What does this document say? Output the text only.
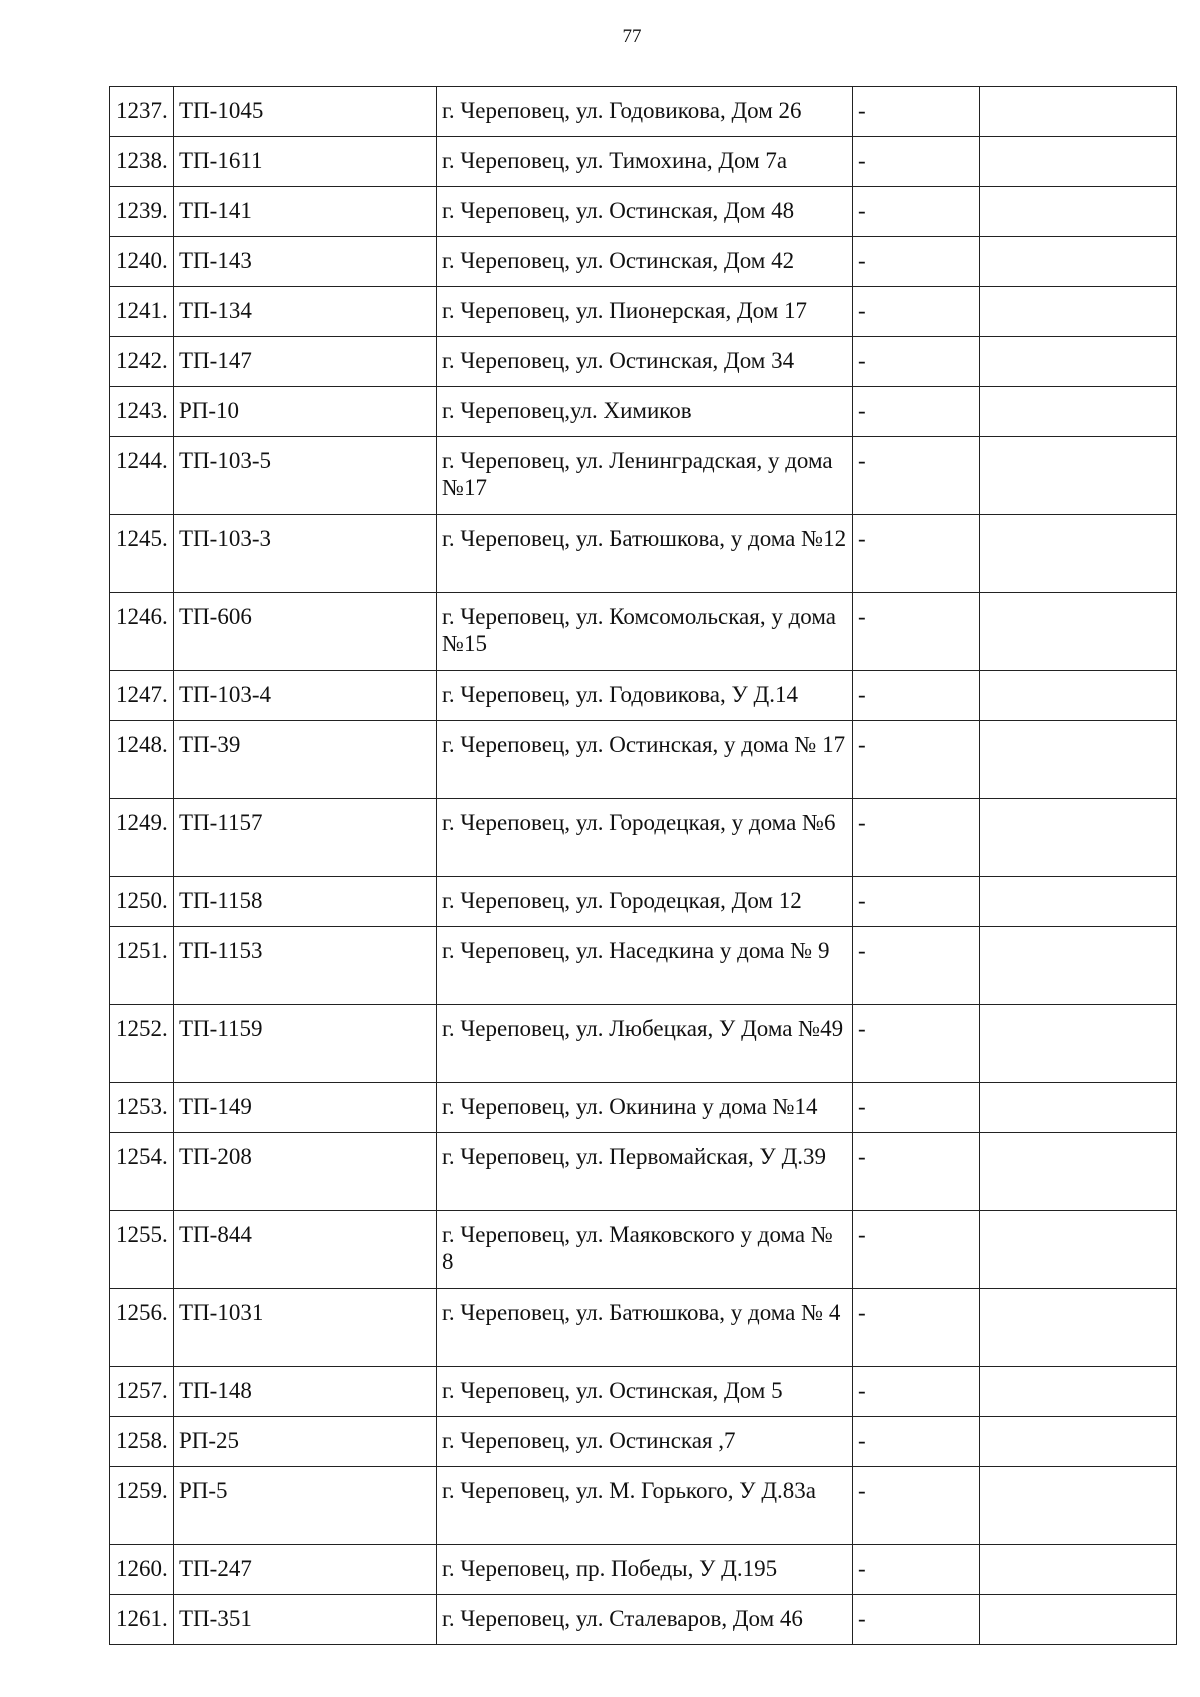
77
1237.	ТП-1045	г. Череповец, ул. Годовикова, Дом 26	-	
1238.	ТП-1611	г. Череповец, ул. Тимохина, Дом 7а	-	
1239.	ТП-141	г. Череповец, ул. Остинская, Дом 48	-	
1240.	ТП-143	г. Череповец, ул. Остинская, Дом 42	-	
1241.	ТП-134	г. Череповец, ул. Пионерская, Дом 17	-	
1242.	ТП-147	г. Череповец, ул. Остинская, Дом 34	-	
1243.	РП-10	г. Череповец,ул. Химиков	-	
1244.	ТП-103-5	г. Череповец, ул. Ленинградская, у дома №17	-	
1245.	ТП-103-3	г. Череповец, ул. Батюшкова, у дома №12	-	
1246.	ТП-606	г. Череповец, ул. Комсомольская, у дома №15	-	
1247.	ТП-103-4	г. Череповец, ул. Годовикова, У Д.14	-	
1248.	ТП-39	г. Череповец, ул. Остинская, у дома № 17	-	
1249.	ТП-1157	г. Череповец, ул. Городецкая, у дома №6	-	
1250.	ТП-1158	г. Череповец, ул. Городецкая, Дом 12	-	
1251.	ТП-1153	г. Череповец, ул. Наседкина у дома № 9	-	
1252.	ТП-1159	г. Череповец, ул. Любецкая, У Дома №49	-	
1253.	ТП-149	г. Череповец, ул. Окинина у дома №14	-	
1254.	ТП-208	г. Череповец, ул. Первомайская, У Д.39	-	
1255.	ТП-844	г. Череповец, ул. Маяковского у дома № 8	-	
1256.	ТП-1031	г. Череповец, ул. Батюшкова, у дома № 4	-	
1257.	ТП-148	г. Череповец, ул. Остинская, Дом 5	-	
1258.	РП-25	г. Череповец, ул. Остинская ,7	-	
1259.	РП-5	г. Череповец, ул. М. Горького, У Д.83а	-	
1260.	ТП-247	г. Череповец, пр. Победы, У Д.195	-	
1261.	ТП-351	г. Череповец, ул. Сталеваров, Дом 46	-	
